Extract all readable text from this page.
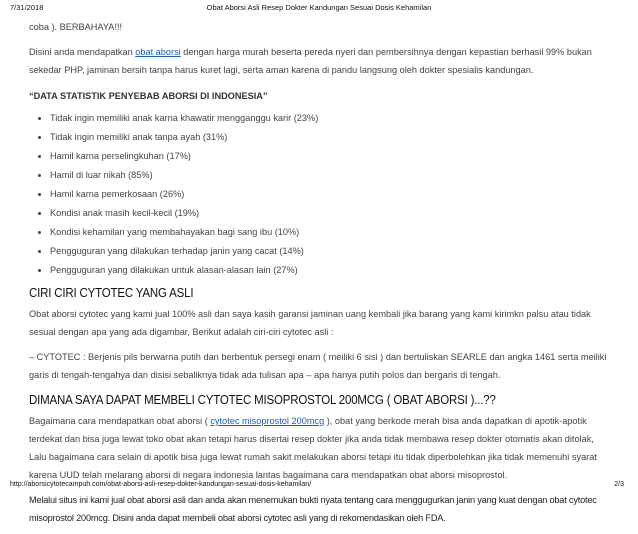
7/31/2018	Obat Aborsi Asli Resep Dokter Kandungan Sesuai Dosis Kehamilan

coba ). BERBAHAYA!!!

Disini anda mendapatkan obat aborsi dengan harga murah beserta pereda nyeri dan pembersihnya dengan kepastian berhasil 99% bukan sekedar PHP, jaminan bersih tanpa harus kuret lagi, serta aman karena di pandu langsung oleh dokter spesialis kandungan.

“DATA STATISTIK PENYEBAB ABORSI DI INDONESIA”

• Tidak ingin memiliki anak karna khawatir mengganggu karir (23%)
• Tidak ingin memiliki anak tanpa ayah (31%)
• Hamil karna perselingkuhan (17%)
• Hamil di luar nikah (85%)
• Hamil karna pemerkosaan (26%)
• Kondisi anak masih kecil-kecil (19%)
• Kondisi kehamilan yang membahayakan bagi sang ibu (10%)
• Pengguguran yang dilakukan terhadap janin yang cacat (14%)
• Pengguguran yang dilakukan untuk alasan-alasan lain (27%)
CIRI CIRI CYTOTEC YANG ASLI

Obat aborsi cytotec yang kami jual 100% asli dan saya kasih garansi jaminan uang kembali jika barang yang kami kirimkn palsu atau tidak sesuai dengan apa yang ada digambar, Berikut adalah ciri-ciri cytotec asli :

– CYTOTEC : Berjenis pils berwarna putih dan berbentuk persegi enam ( meiliki 6 sisi ) dan bertuliskan SEARLE dan angka 1461 serta meiliki garis di tengah-tengahya dan disisi sebaliknya tidak ada tulisan apa – apa hanya putih polos dan bergaris di tengah.

DIMANA SAYA DAPAT MEMBELI CYTOTEC MISOPROSTOL 200MCG ( OBAT ABORSI )...??

Bagaimana cara mendapatkan obat aborsi ( cytotec misoprostol 200mcg ), obat yang berkode merah bisa anda dapatkan di apotik-apotik terdekat dan bisa juga lewat toko obat akan tetapi harus disertai resep dokter jika anda tidak membawa resep dokter otomatis akan ditolak, Lalu bagaimana cara selain di apotik bisa juga lewat rumah sakit melakukan aborsi tetapi itu tidak diperbolehkan jika tidak memenuhi syarat karena UUD telah melarang aborsi di negara indonesia lantas bagaimana cara mendapatkan obat aborsi misoprostol.

Melalui situs ini kami jual obat aborsi asli dan anda akan menemukan bukti nyata tentang cara menggugurkan janin yang kuat dengan obat cytotec misoprostol 200mcg. Disini anda dapat membeli obat aborsi cytotec asli yang di rekomendasikan oleh FDA.

http://aborsicytotecampuh.com/obat-aborsi-asli-resep-dokter-kandungan-sesuai-dosis-kehamilan/	2/3
